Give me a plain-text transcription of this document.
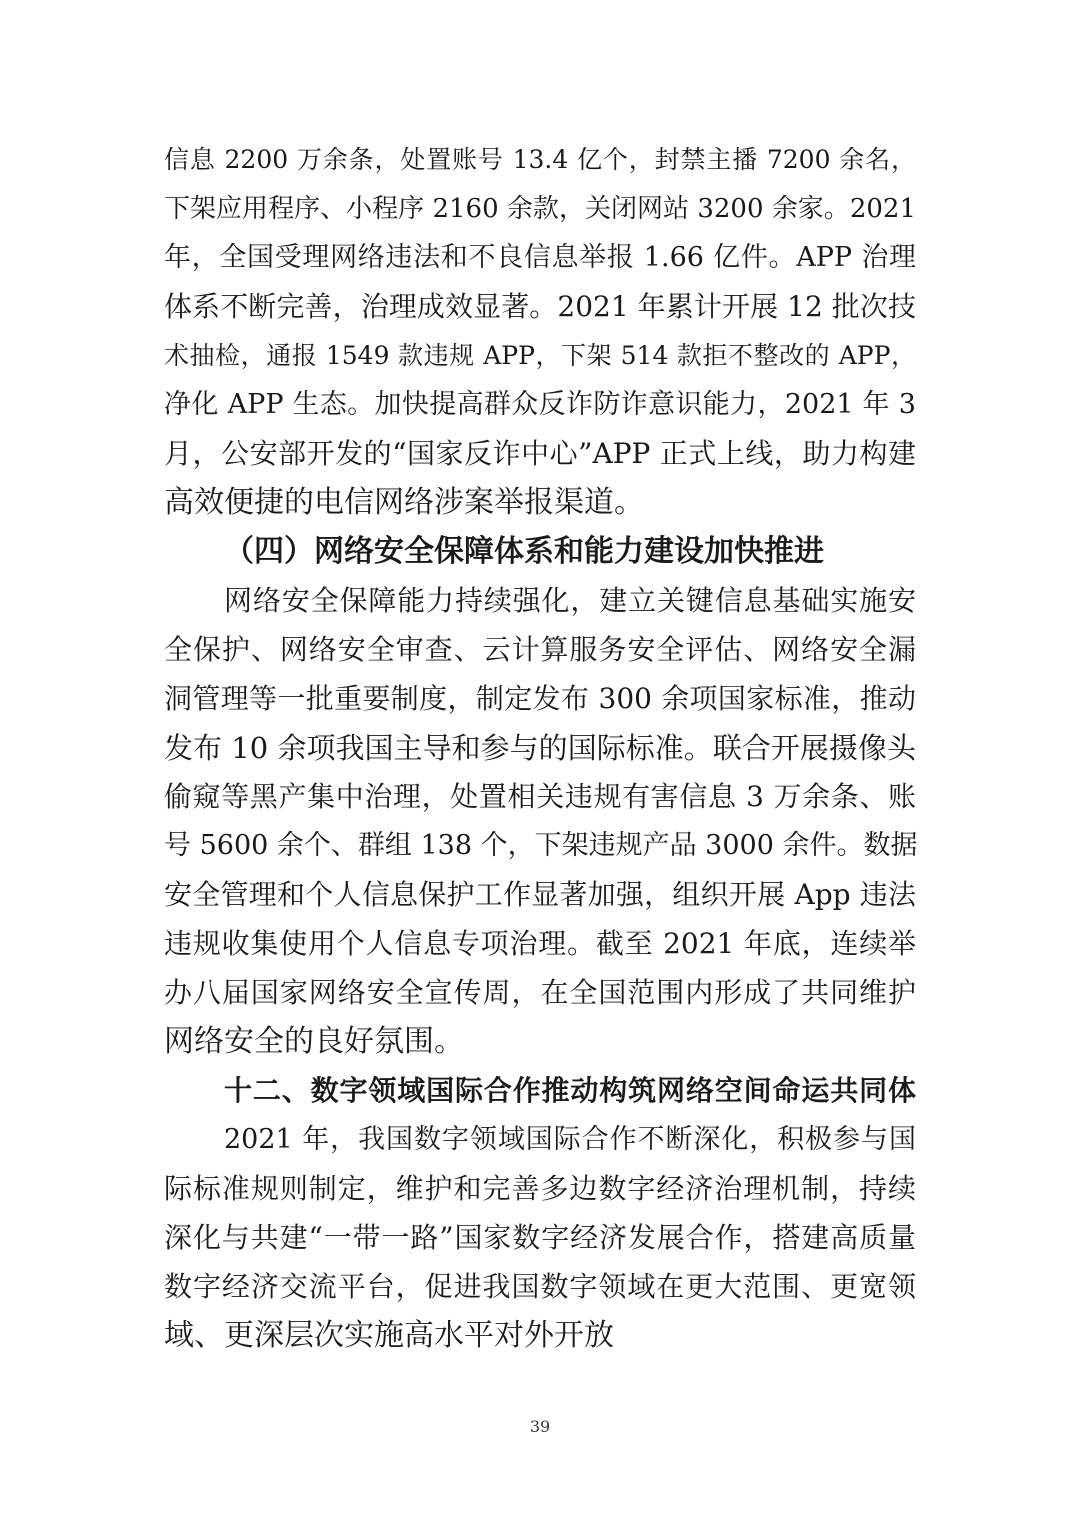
信息 2200 万余条，处置账号 13.4 亿个，封禁主播 7200 余名，
下架应用程序、小程序 2160 余款，关闭网站 3200 余家。2021
年，全国受理网络违法和不良信息举报 1.66 亿件。APP 治理
体系不断完善，治理成效显著。2021 年累计开展 12 批次技
术抽检，通报 1549 款违规 APP，下架 514 款拒不整改的 APP，
净化 APP 生态。加快提高群众反诈防诈意识能力，2021 年 3
月，公安部开发的“国家反诈中心”APP 正式上线，助力构建
高效便捷的电信网络涉案举报渠道。
（四）网络安全保障体系和能力建设加快推进
网络安全保障能力持续强化，建立关键信息基础实施安
全保护、网络安全审查、云计算服务安全评估、网络安全漏
洞管理等一批重要制度，制定发布 300 余项国家标准，推动
发布 10 余项我国主导和参与的国际标准。联合开展摄像头
偷窥等黑产集中治理，处置相关违规有害信息 3 万余条、账
号 5600 余个、群组 138 个，下架违规产品 3000 余件。数据
安全管理和个人信息保护工作显著加强，组织开展 App 违法
违规收集使用个人信息专项治理。截至 2021 年底，连续举
办八届国家网络安全宣传周，在全国范围内形成了共同维护
网络安全的良好氛围。
十二、数字领域国际合作推动构筑网络空间命运共同体
2021 年，我国数字领域国际合作不断深化，积极参与国
际标准规则制定，维护和完善多边数字经济治理机制，持续
深化与共建“一带一路”国家数字经济发展合作，搭建高质量
数字经济交流平台，促进我国数字领域在更大范围、更宽领
域、更深层次实施高水平对外开放
39
